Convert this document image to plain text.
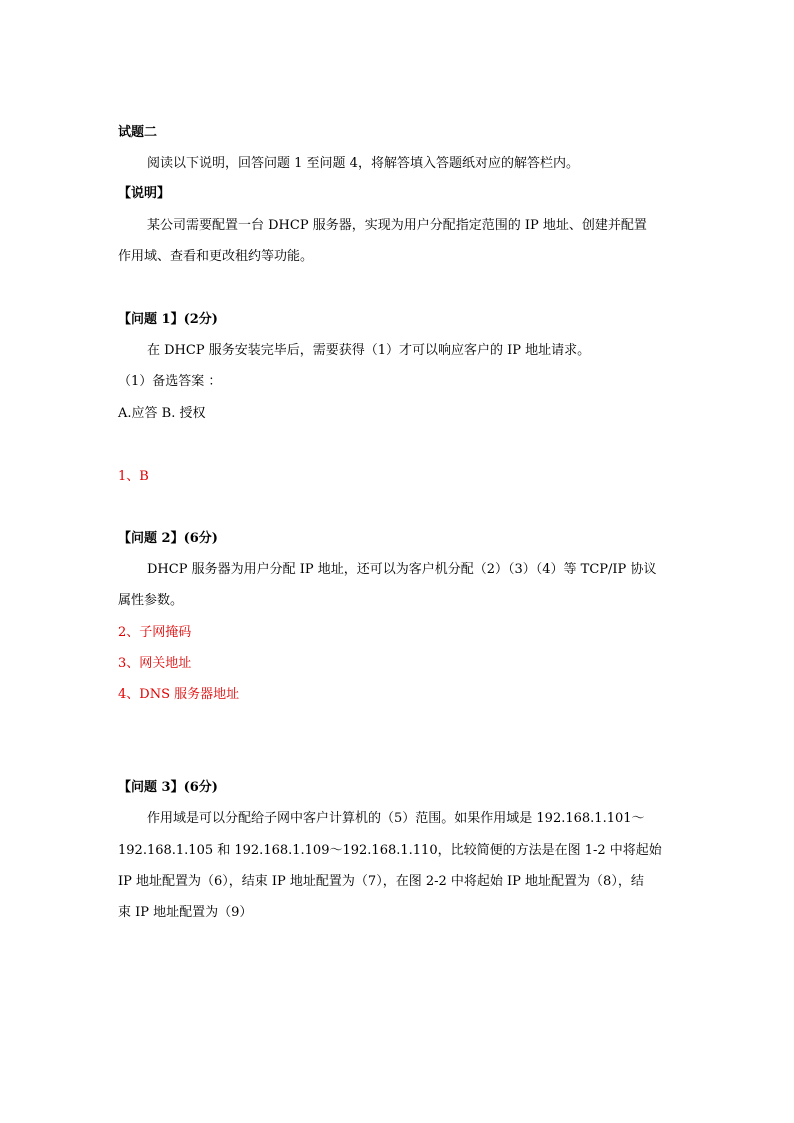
试题二
阅读以下说明，回答问题 1 至问题 4，将解答填入答题纸对应的解答栏内。
【说明】
某公司需要配置一台 DHCP 服务器，实现为用户分配指定范围的 IP 地址、创建并配置
作用域、查看和更改租约等功能。
【问题 1】(2分)
在 DHCP 服务安装完毕后，需要获得（1）才可以响应客户的 IP 地址请求。
（1）备选答案 ：
A.应答 B. 授权
1、B
【问题 2】(6分)
DHCP 服务器为用户分配 IP 地址，还可以为客户机分配（2）（3）（4）等 TCP/IP 协议
属性参数。
2、子网掩码
3、网关地址
4、DNS 服务器地址
【问题 3】(6分)
作用域是可以分配给子网中客户计算机的（5）范围。如果作用域是 192.168.1.101～
192.168.1.105 和 192.168.1.109～192.168.1.110，比较简便的方法是在图 1-2 中将起始
IP 地址配置为（6），结束 IP 地址配置为（7），在图 2-2 中将起始 IP 地址配置为（8），结
束 IP 地址配置为（9）
